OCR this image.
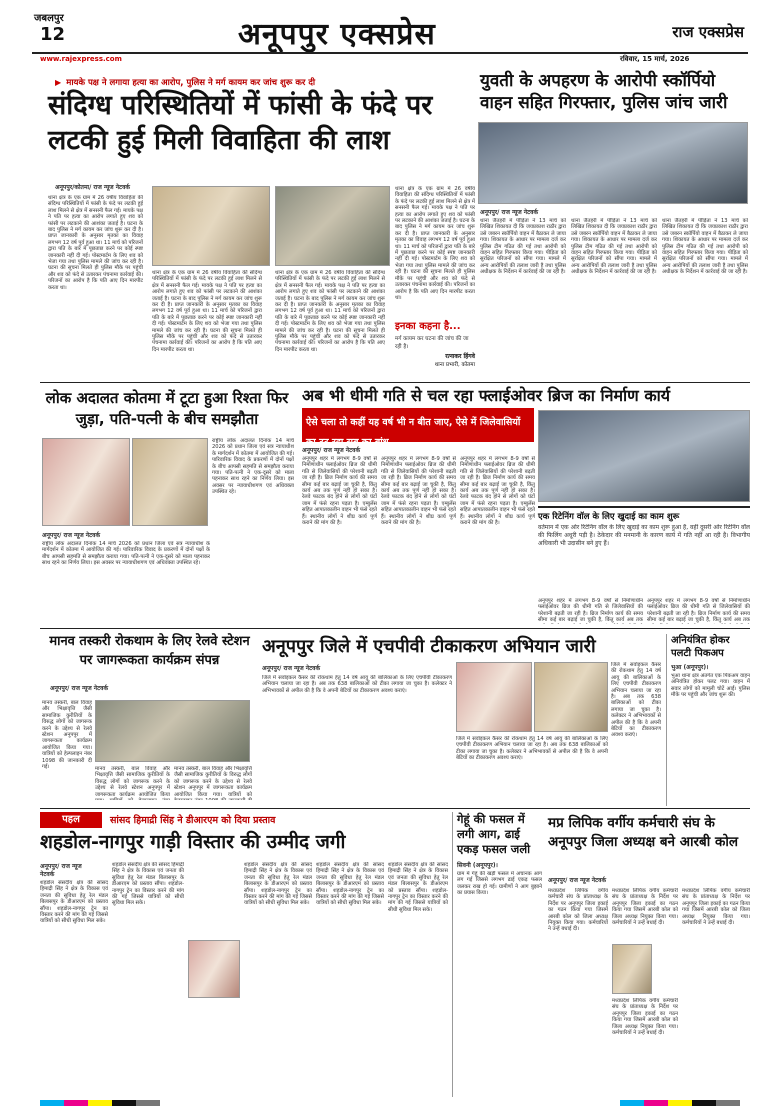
जबलपुर
12	अनूपपुर एक्सप्रेस	राज एक्सप्रेस
www.rajexpress.com	रविवार, 15 मार्च, 2026
▶ मायके पक्ष ने लगाया हत्या का आरोप, पुलिस ने मर्ग कायम कर जांच शुरू कर दी
संदिग्ध परिस्थितियों में फांसी के फंदे पर लटकी हुई मिली विवाहिता की लाश
अनूपपुर/कोतमा/ राज न्यूज नेटवर्क
थाना क्षेत्र के एक ग्राम में 26 वर्षीय विवाहिता की संदिग्ध परिस्थितियों में फांसी के फंदे पर लटकी हुई लाश मिलने से क्षेत्र में सनसनी फैल गई। मायके पक्ष ने पति पर हत्या का आरोप लगाते हुए शव को फांसी पर लटकाने की आशंका जताई है। घटना के बाद पुलिस ने मर्ग कायम कर जांच शुरू कर दी है। प्राप्त जानकारी के अनुसार मृतका का विवाह लगभग 12 वर्ष पूर्व हुआ था। 11 मार्च को परिजनों द्वारा पति के बारे में पूछताछ करने पर कोई स्पष्ट जानकारी नहीं दी गई। पोस्टमार्टम के लिए शव को भेजा गया तथा पुलिस मामले की जांच कर रही है। घटना की सूचना मिलते ही पुलिस मौके पर पहुंची और शव को फंदे से उतारकर पंचनामा कार्रवाई की। परिजनों का आरोप है कि पति आए दिन मारपीट करता था।
थाना क्षेत्र के एक ग्राम में 26 वर्षीय विवाहिता की संदिग्ध परिस्थितियों में फांसी के फंदे पर लटकी हुई लाश मिलने से क्षेत्र में सनसनी फैल गई। मायके पक्ष ने पति पर हत्या का आरोप लगाते हुए शव को फांसी पर लटकाने की आशंका जताई है। घटना के बाद पुलिस ने मर्ग कायम कर जांच शुरू कर दी है। प्राप्त जानकारी के अनुसार मृतका का विवाह लगभग 12 वर्ष पूर्व हुआ था। 11 मार्च को परिजनों द्वारा पति के बारे में पूछताछ करने पर कोई स्पष्ट जानकारी नहीं दी गई। पोस्टमार्टम के लिए शव को भेजा गया तथा पुलिस मामले की जांच कर रही है। घटना की सूचना मिलते ही पुलिस मौके पर पहुंची और शव को फंदे से उतारकर पंचनामा कार्रवाई की। परिजनों का आरोप है कि पति आए दिन मारपीट करता था।
थाना क्षेत्र के एक ग्राम में 26 वर्षीय विवाहिता की संदिग्ध परिस्थितियों में फांसी के फंदे पर लटकी हुई लाश मिलने से क्षेत्र में सनसनी फैल गई। मायके पक्ष ने पति पर हत्या का आरोप लगाते हुए शव को फांसी पर लटकाने की आशंका जताई है। घटना के बाद पुलिस ने मर्ग कायम कर जांच शुरू कर दी है। प्राप्त जानकारी के अनुसार मृतका का विवाह लगभग 12 वर्ष पूर्व हुआ था। 11 मार्च को परिजनों द्वारा पति के बारे में पूछताछ करने पर कोई स्पष्ट जानकारी नहीं दी गई। पोस्टमार्टम के लिए शव को भेजा गया तथा पुलिस मामले की जांच कर रही है। घटना की सूचना मिलते ही पुलिस मौके पर पहुंची और शव को फंदे से उतारकर पंचनामा कार्रवाई की। परिजनों का आरोप है कि पति आए दिन मारपीट करता था।
थाना क्षेत्र के एक ग्राम में 26 वर्षीय विवाहिता की संदिग्ध परिस्थितियों में फांसी के फंदे पर लटकी हुई लाश मिलने से क्षेत्र में सनसनी फैल गई। मायके पक्ष ने पति पर हत्या का आरोप लगाते हुए शव को फांसी पर लटकाने की आशंका जताई है। घटना के बाद पुलिस ने मर्ग कायम कर जांच शुरू कर दी है। प्राप्त जानकारी के अनुसार मृतका का विवाह लगभग 12 वर्ष पूर्व हुआ था। 11 मार्च को परिजनों द्वारा पति के बारे में पूछताछ करने पर कोई स्पष्ट जानकारी नहीं दी गई। पोस्टमार्टम के लिए शव को भेजा गया तथा पुलिस मामले की जांच कर रही है। घटना की सूचना मिलते ही पुलिस मौके पर पहुंची और शव को फंदे से उतारकर पंचनामा कार्रवाई की। परिजनों का आरोप है कि पति आए दिन मारपीट करता था।
इनका कहना है...
मर्ग कायम कर घटना की जांच की जा रही है।
रत्नाकर हिंगवे
थाना प्रभारी, कोतमा
युवती के अपहरण के आरोपी स्कॉर्पियो वाहन सहित गिरफ्तार, पुलिस जांच जारी
अनूपपुर/ राज न्यूज नेटवर्क
थाना जैतहरी में पीड़िता ने 13 मार्च को लिखित शिकायत दी कि जयप्रकाश राठौर द्वारा उसे जबरन स्कॉर्पियो वाहन में बैठाकर ले जाया गया। शिकायत के आधार पर मामला दर्ज कर पुलिस टीम गठित की गई तथा आरोपी को वाहन सहित गिरफ्तार किया गया। पीड़िता को सुरक्षित परिजनों को सौंपा गया। मामले में अन्य आरोपियों की तलाश जारी है तथा पुलिस अधीक्षक के निर्देशन में कार्रवाई की जा रही है।
थाना जैतहरी में पीड़िता ने 13 मार्च को लिखित शिकायत दी कि जयप्रकाश राठौर द्वारा उसे जबरन स्कॉर्पियो वाहन में बैठाकर ले जाया गया। शिकायत के आधार पर मामला दर्ज कर पुलिस टीम गठित की गई तथा आरोपी को वाहन सहित गिरफ्तार किया गया। पीड़िता को सुरक्षित परिजनों को सौंपा गया। मामले में अन्य आरोपियों की तलाश जारी है तथा पुलिस अधीक्षक के निर्देशन में कार्रवाई की जा रही है।
थाना जैतहरी में पीड़िता ने 13 मार्च को लिखित शिकायत दी कि जयप्रकाश राठौर द्वारा उसे जबरन स्कॉर्पियो वाहन में बैठाकर ले जाया गया। शिकायत के आधार पर मामला दर्ज कर पुलिस टीम गठित की गई तथा आरोपी को वाहन सहित गिरफ्तार किया गया। पीड़िता को सुरक्षित परिजनों को सौंपा गया। मामले में अन्य आरोपियों की तलाश जारी है तथा पुलिस अधीक्षक के निर्देशन में कार्रवाई की जा रही है।
लोक अदालत कोतमा में टूटा हुआ रिश्ता फिर जुड़ा, पति-पत्नी के बीच समझौता
अनूपपुर/ राज न्यूज नेटवर्क
राष्ट्रीय लोक अदालत दिनांक 14 मार्च 2026 को प्रधान जिला एवं सत्र न्यायाधीश के मार्गदर्शन में कोतमा में आयोजित की गई। पारिवारिक विवाद के प्रकरणों में दोनों पक्षों के बीच आपसी सहमति से समझौता कराया गया। पति-पत्नी ने एक-दूसरे को माला पहनाकर साथ रहने का निर्णय लिया। इस अवसर पर न्यायाधीशगण एवं अधिवक्ता उपस्थित रहे।
राष्ट्रीय लोक अदालत दिनांक 14 मार्च 2026 को प्रधान जिला एवं सत्र न्यायाधीश के मार्गदर्शन में कोतमा में आयोजित की गई। पारिवारिक विवाद के प्रकरणों में दोनों पक्षों के बीच आपसी सहमति से समझौता कराया गया। पति-पत्नी ने एक-दूसरे को माला पहनाकर साथ रहने का निर्णय लिया। इस अवसर पर न्यायाधीशगण एवं अधिवक्ता उपस्थित रहे।
अब भी धीमी गति से चल रहा फ्लाईओवर ब्रिज का निर्माण कार्य
ऐसे चला तो कहीं यह वर्ष भी न बीत जाए, ऐसे में जिलेवासियों का टूट रहा सब्र का बांध
अनूपपुर/ राज न्यूज नेटवर्क
अनूपपुर शहर में लगभग 8-9 वर्षों से निर्माणाधीन फ्लाईओवर ब्रिज की धीमी गति से जिलेवासियों की परेशानी बढ़ती जा रही है। ब्रिज निर्माण कार्य की समय सीमा कई बार बढ़ाई जा चुकी है, किंतु कार्य अब तक पूर्ण नहीं हो सका है। रेलवे फाटक बंद होने से लोगों को घंटों जाम में फंसे रहना पड़ता है। एम्बुलेंस सहित आपातकालीन वाहन भी फंसे रहते हैं। स्थानीय लोगों ने शीघ्र कार्य पूर्ण कराने की मांग की है।
अनूपपुर शहर में लगभग 8-9 वर्षों से निर्माणाधीन फ्लाईओवर ब्रिज की धीमी गति से जिलेवासियों की परेशानी बढ़ती जा रही है। ब्रिज निर्माण कार्य की समय सीमा कई बार बढ़ाई जा चुकी है, किंतु कार्य अब तक पूर्ण नहीं हो सका है। रेलवे फाटक बंद होने से लोगों को घंटों जाम में फंसे रहना पड़ता है। एम्बुलेंस सहित आपातकालीन वाहन भी फंसे रहते हैं। स्थानीय लोगों ने शीघ्र कार्य पूर्ण कराने की मांग की है।
अनूपपुर शहर में लगभग 8-9 वर्षों से निर्माणाधीन फ्लाईओवर ब्रिज की धीमी गति से जिलेवासियों की परेशानी बढ़ती जा रही है। ब्रिज निर्माण कार्य की समय सीमा कई बार बढ़ाई जा चुकी है, किंतु कार्य अब तक पूर्ण नहीं हो सका है। रेलवे फाटक बंद होने से लोगों को घंटों जाम में फंसे रहना पड़ता है। एम्बुलेंस सहित आपातकालीन वाहन भी फंसे रहते हैं। स्थानीय लोगों ने शीघ्र कार्य पूर्ण कराने की मांग की है।
एक रिटेनिंग वॉल के लिए खुदाई का काम शुरू
वर्तमान में एक ओर रिटेनिंग वॉल के लिए खुदाई का काम शुरू हुआ है, वहीं दूसरी ओर रिटेनिंग वॉल की फिलिंग अधूरी पड़ी है। ठेकेदार की मनमानी के कारण कार्य में गति नहीं आ रही है। विभागीय अधिकारी भी उदासीन बने हुए हैं।
अनूपपुर शहर में लगभग 8-9 वर्षों से निर्माणाधीन फ्लाईओवर ब्रिज की धीमी गति से जिलेवासियों की परेशानी बढ़ती जा रही है। ब्रिज निर्माण कार्य की समय सीमा कई बार बढ़ाई जा चुकी है, किंतु कार्य अब तक
अनूपपुर शहर में लगभग 8-9 वर्षों से निर्माणाधीन फ्लाईओवर ब्रिज की धीमी गति से जिलेवासियों की परेशानी बढ़ती जा रही है। ब्रिज निर्माण कार्य की समय सीमा कई बार बढ़ाई जा चुकी है, किंतु कार्य अब तक
मानव तस्करी रोकथाम के लिए रेलवे स्टेशन पर जागरूकता कार्यक्रम संपन्न
अनूपपुर/ राज न्यूज नेटवर्क
मानव तस्करी, बाल विवाह और भिक्षावृत्ति जैसी सामाजिक कुरीतियों के विरुद्ध लोगों को जागरूक करने के उद्देश्य से रेलवे स्टेशन अनूपपुर में जागरूकता कार्यक्रम आयोजित किया गया। यात्रियों को हेल्पलाइन नंबर 1098 की जानकारी दी गई।	मानव तस्करी, बाल विवाह और भिक्षावृत्ति जैसी सामाजिक कुरीतियों के विरुद्ध लोगों को जागरूक करने के उद्देश्य से रेलवे स्टेशन अनूपपुर में जागरूकता कार्यक्रम आयोजित किया
मानव तस्करी, बाल विवाह और भिक्षावृत्ति जैसी सामाजिक कुरीतियों के विरुद्ध लोगों को जागरूक करने के उद्देश्य से रेलवे स्टेशन अनूपपुर में जागरूकता कार्यक्रम आयोजित किया गया। यात्रियों को
अनूपपुर जिले में एचपीवी टीकाकरण अभियान जारी
अनूपपुर/ राज न्यूज नेटवर्क
जिले में सर्वाइकल कैंसर की रोकथाम हेतु 14 वर्ष आयु की बालिकाओं के लिए एचपीवी टीकाकरण अभियान चलाया जा रहा है। अब तक 638 बालिकाओं को टीका लगाया जा चुका है। कलेक्टर ने अभिभावकों से अपील की है कि वे अपनी बेटियों का टीकाकरण अवश्य कराएं।
जिले में सर्वाइकल कैंसर की रोकथाम हेतु 14 वर्ष आयु की बालिकाओं के लिए एचपीवी टीकाकरण अभियान चलाया जा रहा है। अब तक 638 बालिकाओं को टीका लगाया जा चुका है। कलेक्टर ने अभिभावकों से अपील की है कि वे अपनी बेटियों का टीकाकरण अवश्य कराएं।
जिले में सर्वाइकल कैंसर की रोकथाम हेतु 14 वर्ष आयु की बालिकाओं के लिए एचपीवी टीकाकरण अभियान चलाया जा रहा है। अब तक 638 बालिकाओं को टीका लगाया जा चुका है। कलेक्टर ने अभिभावकों से अपील की है कि वे अपनी बेटियों का टीकाकरण अवश्य कराएं।
अनियंत्रित होकर पलटी पिकअप
भुआ (अनूपपुर)।
भुआ थाना क्षेत्र अंतर्गत एक पिकअप वाहन अनियंत्रित होकर पलट गया। वाहन में सवार लोगों को मामूली चोटें आईं। पुलिस मौके पर पहुंची और जांच शुरू की।
पहल	सांसद हिमाद्री सिंह ने डीआरएम को दिया प्रस्ताव
शहडोल-नागपुर गाड़ी विस्तार की उम्मीद जगी
अनूपपुर/ राज न्यूज नेटवर्क
शहडोल संसदीय क्षेत्र की सांसद हिमाद्री सिंह ने क्षेत्र के विकास एवं जनता की सुविधा हेतु रेल मंडल बिलासपुर के डीआरएम को प्रस्ताव सौंपा। शहडोल-नागपुर ट्रेन का विस्तार करने की मांग की गई जिससे यात्रियों को सीधी सुविधा मिल सके।
शहडोल संसदीय क्षेत्र की सांसद हिमाद्री सिंह ने क्षेत्र के विकास एवं जनता की सुविधा हेतु रेल मंडल बिलासपुर के डीआरएम को प्रस्ताव सौंपा। शहडोल-नागपुर ट्रेन का विस्तार करने की मांग की गई जिससे यात्रियों को सीधी सुविधा मिल सके।
शहडोल संसदीय क्षेत्र की सांसद हिमाद्री सिंह ने क्षेत्र के विकास एवं जनता की सुविधा हेतु रेल मंडल बिलासपुर के डीआरएम को प्रस्ताव सौंपा। शहडोल-नागपुर ट्रेन का विस्तार करने की मांग की गई जिससे यात्रियों को सीधी सुविधा मिल सके।
शहडोल संसदीय क्षेत्र की सांसद हिमाद्री सिंह ने क्षेत्र के विकास एवं जनता की सुविधा हेतु रेल मंडल बिलासपुर के डीआरएम को प्रस्ताव सौंपा। शहडोल-नागपुर ट्रेन का विस्तार करने की मांग की गई जिससे यात्रियों को सीधी सुविधा मिल सके।
शहडोल संसदीय क्षेत्र की सांसद हिमाद्री सिंह ने क्षेत्र के विकास एवं जनता की सुविधा हेतु रेल मंडल बिलासपुर के डीआरएम को प्रस्ताव सौंपा। शहडोल-नागपुर ट्रेन का विस्तार करने की मांग की गई जिससे यात्रियों को सीधी सुविधा मिल सके।
गेहूं की फसल में लगी आग, ढाई एकड़ फसल जली
सिवनी (अनूपपुर)।
ग्राम में गेहूं की खड़ी फसल में अचानक आग लग गई जिससे लगभग ढाई एकड़ फसल जलकर राख हो गई। ग्रामीणों ने आग बुझाने का प्रयास किया।
मप्र लिपिक वर्गीय कर्मचारी संघ के अनूपपुर जिला अध्यक्ष बने आरबी कोल
अनूपपुर/ राज न्यूज नेटवर्क
मध्यप्रदेश लिपिक वर्गीय कर्मचारी संघ के प्रांताध्यक्ष के निर्देश पर अनूपपुर जिला इकाई का गठन किया गया जिसमें आरबी कोल को जिला अध्यक्ष नियुक्त किया गया। कर्मचारियों ने उन्हें बधाई दी।
मध्यप्रदेश लिपिक वर्गीय कर्मचारी संघ के प्रांताध्यक्ष के निर्देश पर अनूपपुर जिला इकाई का गठन किया गया जिसमें आरबी कोल को जिला अध्यक्ष नियुक्त किया गया। कर्मचारियों ने उन्हें बधाई दी।
मध्यप्रदेश लिपिक वर्गीय कर्मचारी संघ के प्रांताध्यक्ष के निर्देश पर अनूपपुर जिला इकाई का गठन किया गया जिसमें आरबी कोल को जिला अध्यक्ष नियुक्त किया गया। कर्मचारियों ने उन्हें बधाई दी।
मध्यप्रदेश लिपिक वर्गीय कर्मचारी संघ के प्रांताध्यक्ष के निर्देश पर अनूपपुर जिला इकाई का गठन किया गया जिसमें आरबी कोल को जिला अध्यक्ष नियुक्त किया गया। कर्मचारियों ने उन्हें बधाई दी।
